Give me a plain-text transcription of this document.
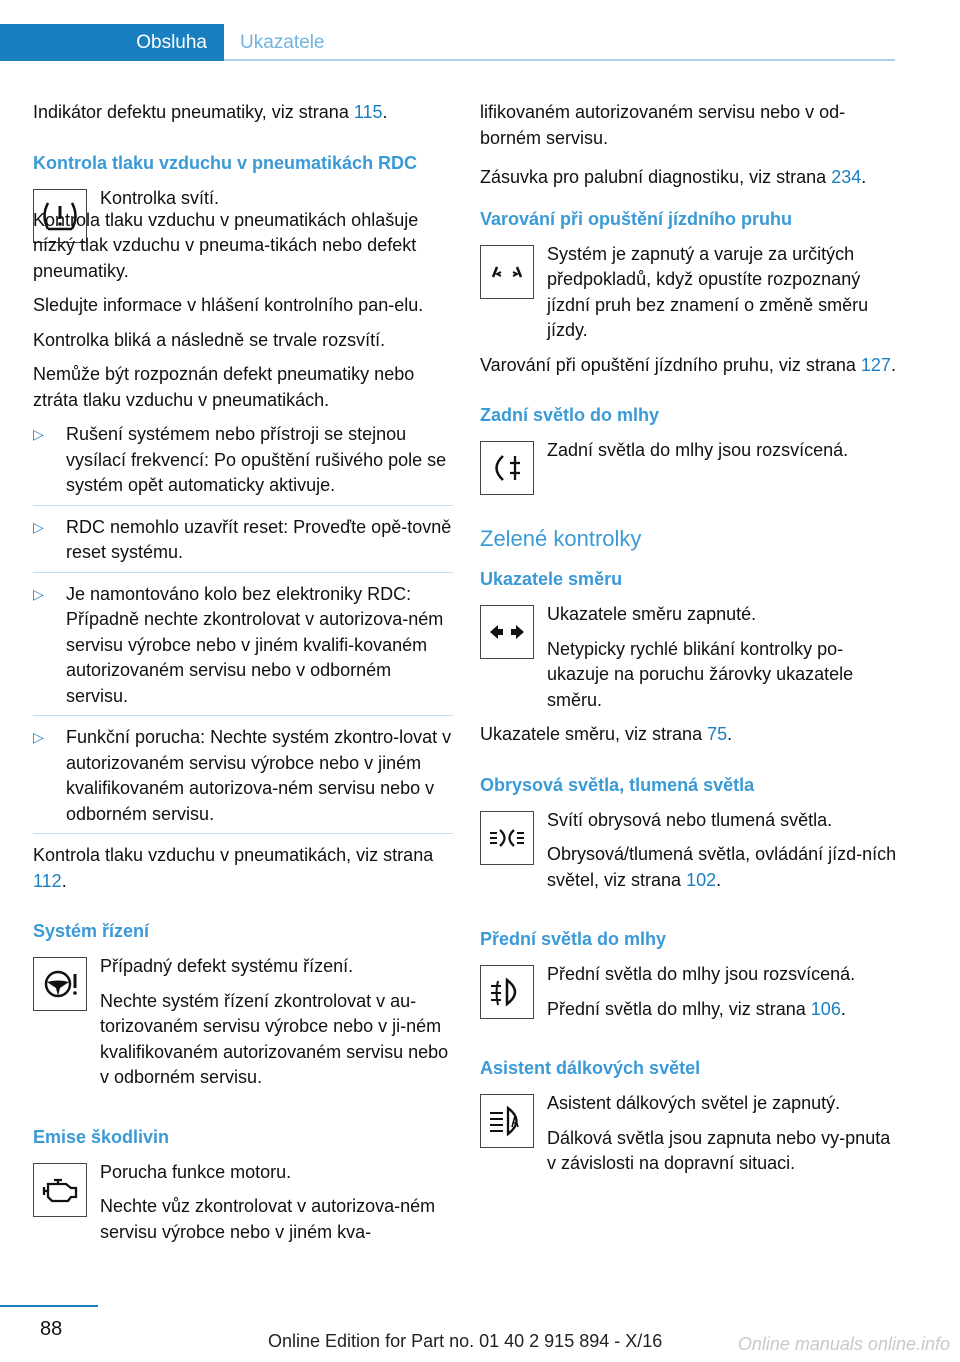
Obsluha	Ukazatele

Indikátor defektu pneumatiky, viz strana 115.

Kontrola tlaku vzduchu v pneumatikách RDC

Kontrolka svítí.

Kontrola tlaku vzduchu v pneumatikách ohlašuje nízký tlak vzduchu v pneuma‐tikách nebo defekt pneumatiky.

Sledujte informace v hlášení kontrolního pan‐elu.

Kontrolka bliká a následně se trvale rozsvítí.

Nemůže být rozpoznán defekt pneumatiky nebo ztráta tlaku vzduchu v pneumatikách.

▷ Rušení systémem nebo přístroji se stejnou vysílací frekvencí: Po opuštění rušivého pole se systém opět automaticky aktivuje.
▷ RDC nemohlo uzavřít reset: Proveďte opě‐tovně reset systému.
▷ Je namontováno kolo bez elektroniky RDC: Případně nechte zkontrolovat v autorizova‐ném servisu výrobce nebo v jiném kvalifi‐kovaném autorizovaném servisu nebo v odborném servisu.
▷ Funkční porucha: Nechte systém zkontro‐lovat v autorizovaném servisu výrobce nebo v jiném kvalifikovaném autorizova‐ném servisu nebo v odborném servisu.

Kontrola tlaku vzduchu v pneumatikách, viz strana 112.

Systém řízení

Případný defekt systému řízení.

Nechte systém řízení zkontrolovat v au‐torizovaném servisu výrobce nebo v ji‐ném kvalifikovaném autorizovaném servisu nebo v odborném servisu.

Emise škodlivin

Porucha funkce motoru.

Nechte vůz zkontrolovat v autorizova‐ném servisu výrobce nebo v jiném kva‐

lifikovaném autorizovaném servisu nebo v od‐borném servisu.

Zásuvka pro palubní diagnostiku, viz strana 234.

Varování při opuštění jízdního pruhu

Systém je zapnutý a varuje za určitých předpokladů, když opustíte rozpoznaný jízdní pruh bez znamení o změně směru jízdy.

Varování při opuštění jízdního pruhu, viz strana 127.

Zadní světlo do mlhy

Zadní světla do mlhy jsou rozsvícená.

Zelené kontrolky
Ukazatele směru

Ukazatele směru zapnuté.

Netypicky rychlé blikání kontrolky po‐ukazuje na poruchu žárovky ukazatele směru.

Ukazatele směru, viz strana 75.

Obrysová světla, tlumená světla

Svítí obrysová nebo tlumená světla.

Obrysová/tlumená světla, ovládání jízd‐ních světel, viz strana 102.

Přední světla do mlhy

Přední světla do mlhy jsou rozsvícená.

Přední světla do mlhy, viz strana 106.

Asistent dálkových světel

Asistent dálkových světel je zapnutý.

Dálková světla jsou zapnuta nebo vy‐pnuta v závislosti na dopravní situaci.

88
Online Edition for Part no. 01 40 2 915 894 - X/16	Online manuals online.info
